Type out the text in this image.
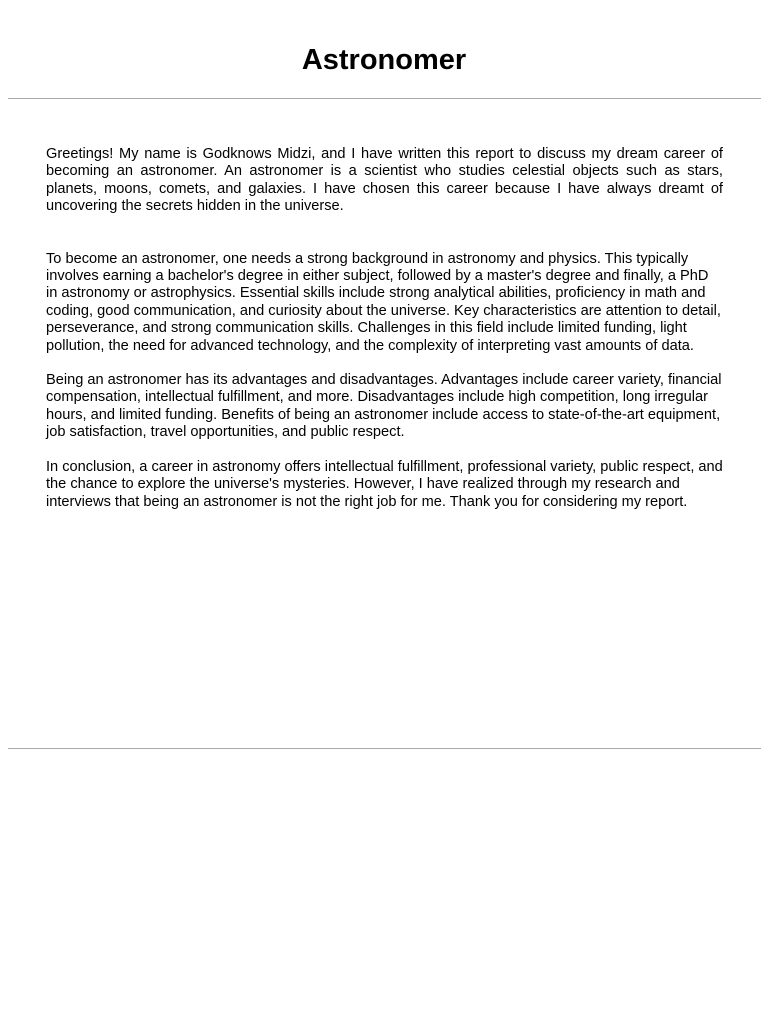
Astronomer

Greetings! My name is Godknows Midzi, and I have written this report to discuss my dream career of becoming an astronomer. An astronomer is a scientist who studies celestial objects such as stars, planets, moons, comets, and galaxies. I have chosen this career because I have always dreamt of uncovering the secrets hidden in the universe.

To become an astronomer, one needs a strong background in astronomy and physics. This typically involves earning a bachelor's degree in either subject, followed by a master's degree and finally, a PhD in astronomy or astrophysics. Essential skills include strong analytical abilities, proficiency in math and coding, good communication, and curiosity about the universe. Key characteristics are attention to detail, perseverance, and strong communication skills. Challenges in this field include limited funding, light pollution, the need for advanced technology, and the complexity of interpreting vast amounts of data.

Being an astronomer has its advantages and disadvantages. Advantages include career variety, financial compensation, intellectual fulfillment, and more. Disadvantages include high competition, long irregular hours, and limited funding. Benefits of being an astronomer include access to state-of-the-art equipment, job satisfaction, travel opportunities, and public respect.

In conclusion, a career in astronomy offers intellectual fulfillment, professional variety, public respect, and the chance to explore the universe's mysteries. However, I have realized through my research and interviews that being an astronomer is not the right job for me. Thank you for considering my report.
